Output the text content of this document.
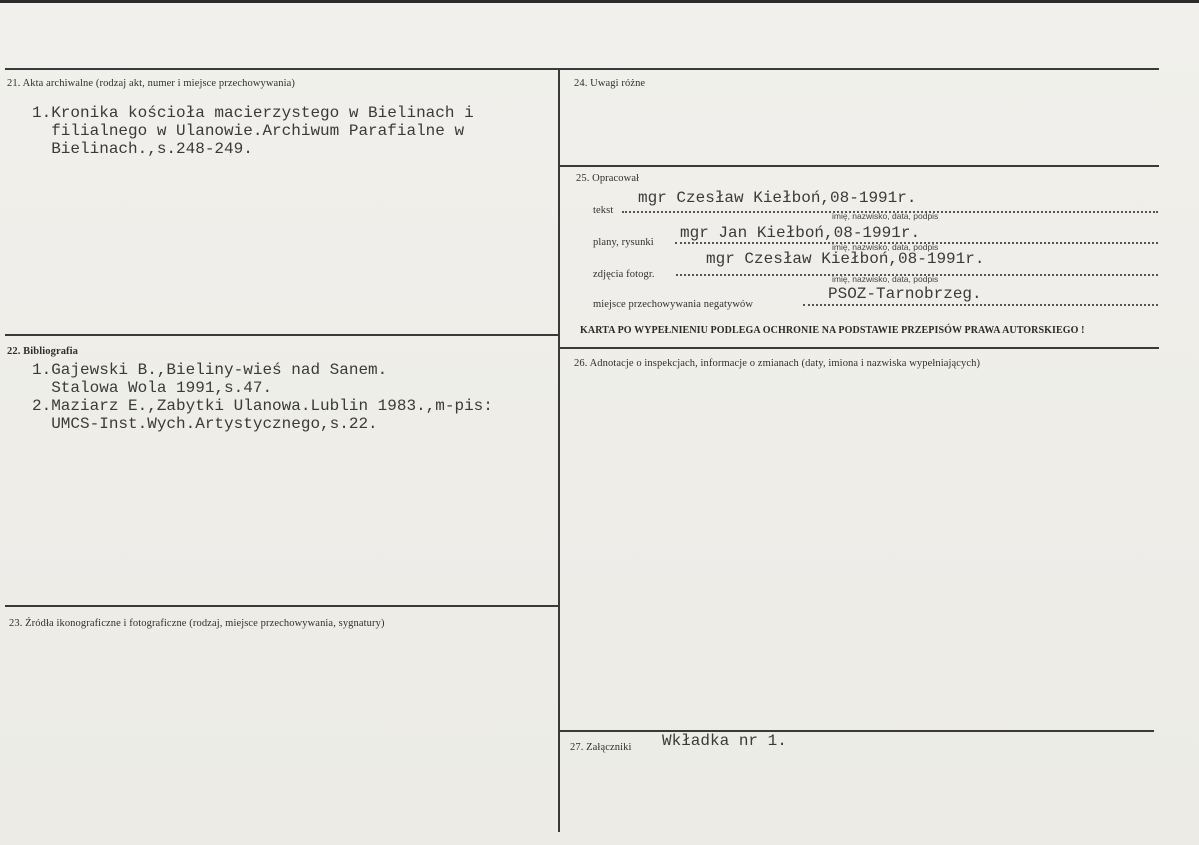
21. Akta archiwalne (rodzaj akt, numer i miejsce przechowywania)
1.Kronika kościoła macierzystego w Bielinach i
filialnego w Ulanowie.Archiwum Parafialne w
Bielinach.,s.248-249.
22. Bibliografia
1.Gajewski B.,Bieliny-wieś nad Sanem.
Stalowa Wola 1991,s.47.
2.Maziarz E.,Zabytki Ulanowa.Lublin 1983.,m-pis:
UMCS-Inst.Wych.Artystycznego,s.22.
23. Źródła ikonograficzne i fotograficzne (rodzaj, miejsce przechowywania, sygnatury)
24. Uwagi różne
25. Opracował
tekst
mgr Czesław Kiełboń,08-1991r.
imię, nazwisko, data, podpis
plany, rysunki
mgr Jan Kiełboń,08-1991r.
imię, nazwisko, data, podpis
zdjęcia fotogr.
mgr Czesław Kiełboń,08-1991r.
imię, nazwisko, data, podpis
miejsce przechowywania negatywów
PSOZ-Tarnobrzeg.
KARTA PO WYPEŁNIENIU PODLEGA OCHRONIE NA PODSTAWIE PRZEPISÓW PRAWA AUTORSKIEGO !
26. Adnotacje o inspekcjach, informacje o zmianach (daty, imiona i nazwiska wypełniających)
27. Załączniki Wkładka nr 1.
